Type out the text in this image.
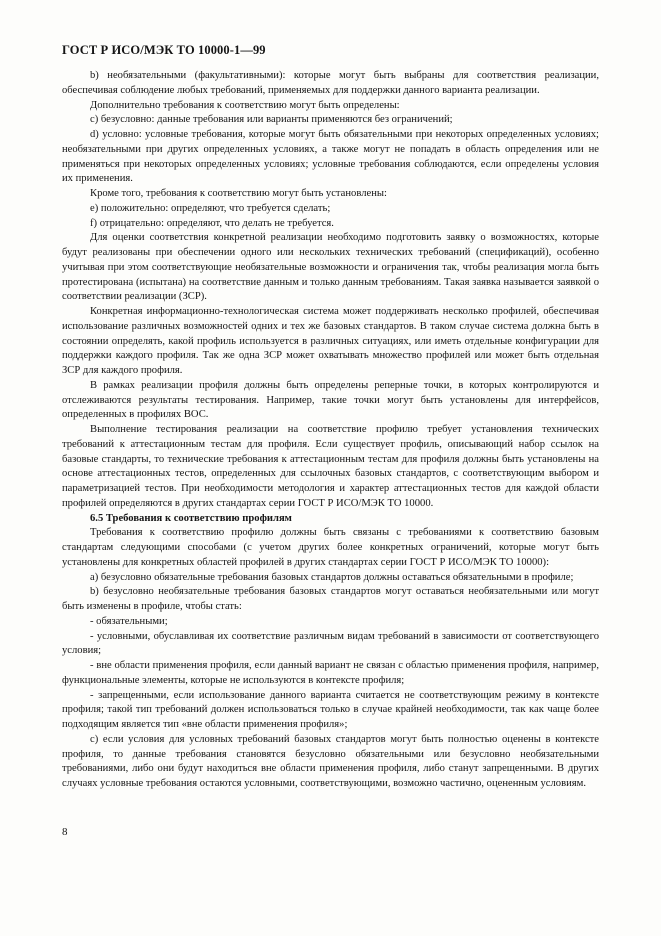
ГОСТ Р ИСО/МЭК ТО 10000-1—99

b) необязательными (факультативными): которые могут быть выбраны для соответствия реализации, обеспечивая соблюдение любых требований, применяемых для поддержки данного варианта реализации.

Дополнительно требования к соответствию могут быть определены:

c) безусловно: данные требования или варианты применяются без ограничений;

d) условно: условные требования, которые могут быть обязательными при некоторых определенных условиях; необязательными при других определенных условиях, а также могут не попадать в область определения или не применяться при некоторых определенных условиях; условные требования соблюдаются, если определены условия их применения.

Кроме того, требования к соответствию могут быть установлены:

e) положительно: определяют, что требуется сделать;

f) отрицательно: определяют, что делать не требуется.

Для оценки соответствия конкретной реализации необходимо подготовить заявку о возможностях, которые будут реализованы при обеспечении одного или нескольких технических требований (спецификаций), особенно учитывая при этом соответствующие необязательные возможности и ограничения так, чтобы реализация могла быть протестирована (испытана) на соответствие данным и только данным требованиям. Такая заявка называется заявкой о соответствии реализации (ЗСР).

Конкретная информационно-технологическая система может поддерживать несколько профилей, обеспечивая использование различных возможностей одних и тех же базовых стандартов. В таком случае система должна быть в состоянии определять, какой профиль используется в различных ситуациях, или иметь отдельные конфигурации для поддержки каждого профиля. Так же одна ЗСР может охватывать множество профилей или может быть отдельная ЗСР для каждого профиля.

В рамках реализации профиля должны быть определены реперные точки, в которых контролируются и отслеживаются результаты тестирования. Например, такие точки могут быть установлены для интерфейсов, определенных в профилях ВОС.

Выполнение тестирования реализации на соответствие профилю требует установления технических требований к аттестационным тестам для профиля. Если существует профиль, описывающий набор ссылок на базовые стандарты, то технические требования к аттестационным тестам для профиля должны быть установлены на основе аттестационных тестов, определенных для ссылочных базовых стандартов, с соответствующим выбором и параметризацией тестов. При необходимости методология и характер аттестационных тестов для каждой области профилей определяются в других стандартах серии ГОСТ Р ИСО/МЭК ТО 10000.

6.5 Требования к соответствию профилям

Требования к соответствию профилю должны быть связаны с требованиями к соответствию базовым стандартам следующими способами (с учетом других более конкретных ограничений, которые могут быть установлены для конкретных областей профилей в других стандартах серии ГОСТ Р ИСО/МЭК ТО 10000):

a) безусловно обязательные требования базовых стандартов должны оставаться обязательными в профиле;

b) безусловно необязательные требования базовых стандартов могут оставаться необязательными или могут быть изменены в профиле, чтобы стать:

- обязательными;

- условными, обуславливая их соответствие различным видам требований в зависимости от соответствующего условия;

- вне области применения профиля, если данный вариант не связан с областью применения профиля, например, функциональные элементы, которые не используются в контексте профиля;

- запрещенными, если использование данного варианта считается не соответствующим режиму в контексте профиля; такой тип требований должен использоваться только в случае крайней необходимости, так как чаще более подходящим является тип «вне области применения профиля»;

c) если условия для условных требований базовых стандартов могут быть полностью оценены в контексте профиля, то данные требования становятся безусловно обязательными или безусловно необязательными требованиями, либо они будут находиться вне области применения профиля, либо станут запрещенными. В других случаях условные требования остаются условными, соответствующими, возможно частично, оцененным условиям.

8
